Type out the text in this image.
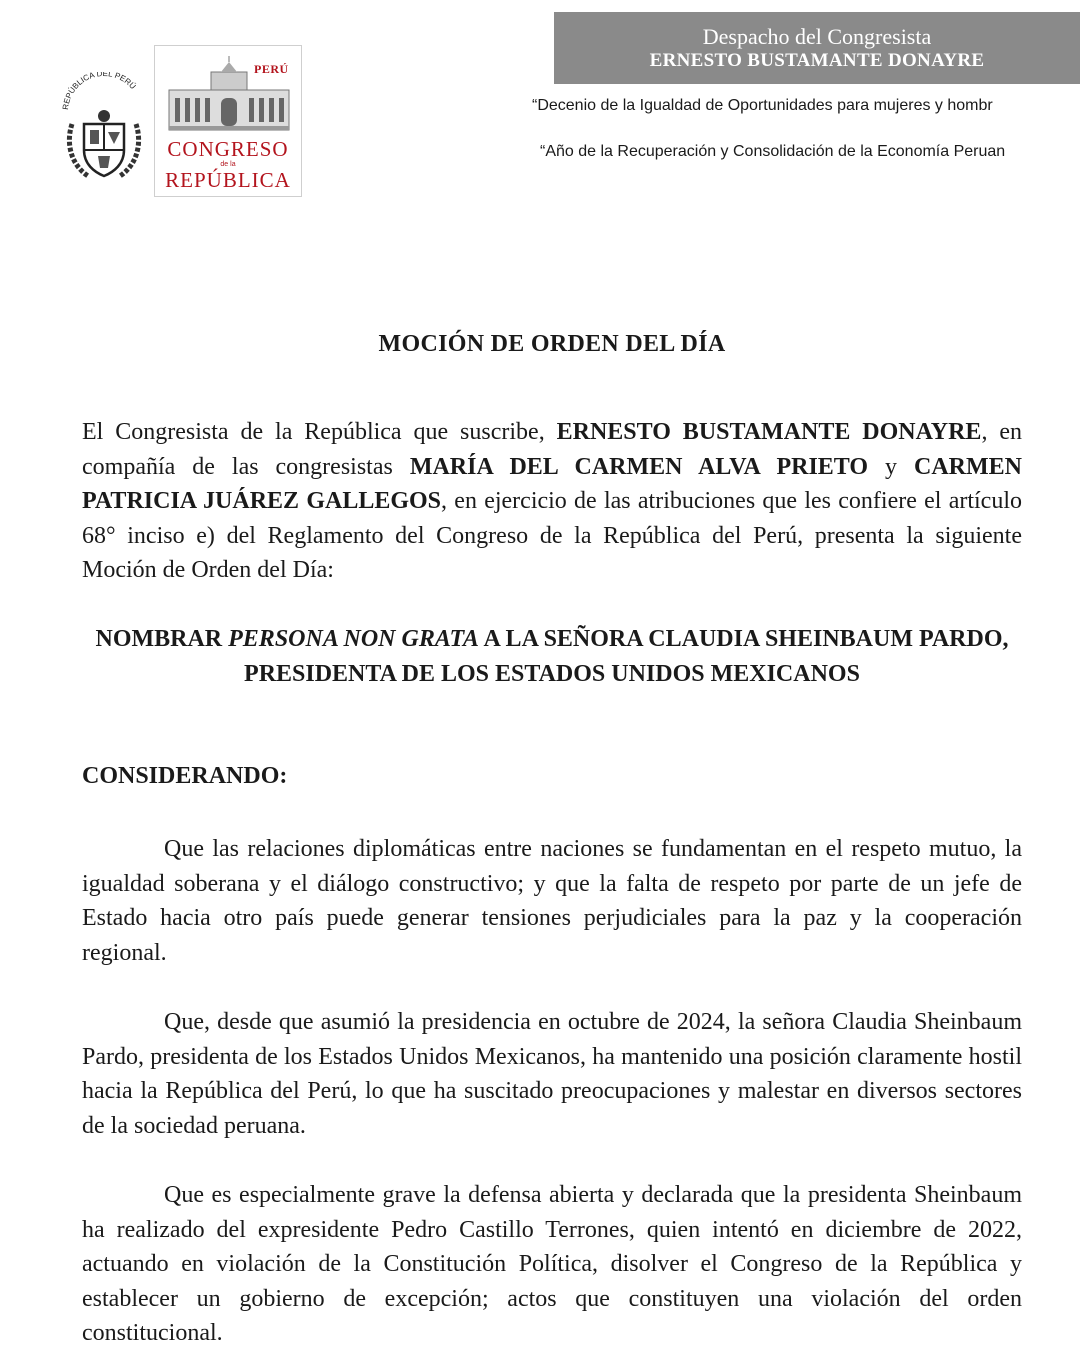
REPÚBLICA DEL PERÚ
PERÚ
CONGRESO
de la
REPÚBLICA
Despacho del Congresista
ERNESTO BUSTAMANTE DONAYRE
“Decenio de la Igualdad de Oportunidades para mujeres y hombr
“Año de la Recuperación y Consolidación de la Economía Peruan
MOCIÓN DE ORDEN DEL DÍA
El Congresista de la República que suscribe, ERNESTO BUSTAMANTE DONAYRE, en compañía de las congresistas MARÍA DEL CARMEN ALVA PRIETO y CARMEN PATRICIA JUÁREZ GALLEGOS, en ejercicio de las atribuciones que les confiere el artículo 68° inciso e) del Reglamento del Congreso de la República del Perú, presenta la siguiente Moción de Orden del Día:
NOMBRAR PERSONA NON GRATA A LA SEÑORA CLAUDIA SHEINBAUM PARDO, PRESIDENTA DE LOS ESTADOS UNIDOS MEXICANOS
CONSIDERANDO:
Que las relaciones diplomáticas entre naciones se fundamentan en el respeto mutuo, la igualdad soberana y el diálogo constructivo; y que la falta de respeto por parte de un jefe de Estado hacia otro país puede generar tensiones perjudiciales para la paz y la cooperación regional.
Que, desde que asumió la presidencia en octubre de 2024, la señora Claudia Sheinbaum Pardo, presidenta de los Estados Unidos Mexicanos, ha mantenido una posición claramente hostil hacia la República del Perú, lo que ha suscitado preocupaciones y malestar en diversos sectores de la sociedad peruana.
Que es especialmente grave la defensa abierta y declarada que la presidenta Sheinbaum ha realizado del expresidente Pedro Castillo Terrones, quien intentó en diciembre de 2022, actuando en violación de la Constitución Política, disolver el Congreso de la República y establecer un gobierno de excepción; actos que constituyen una violación del orden constitucional.
